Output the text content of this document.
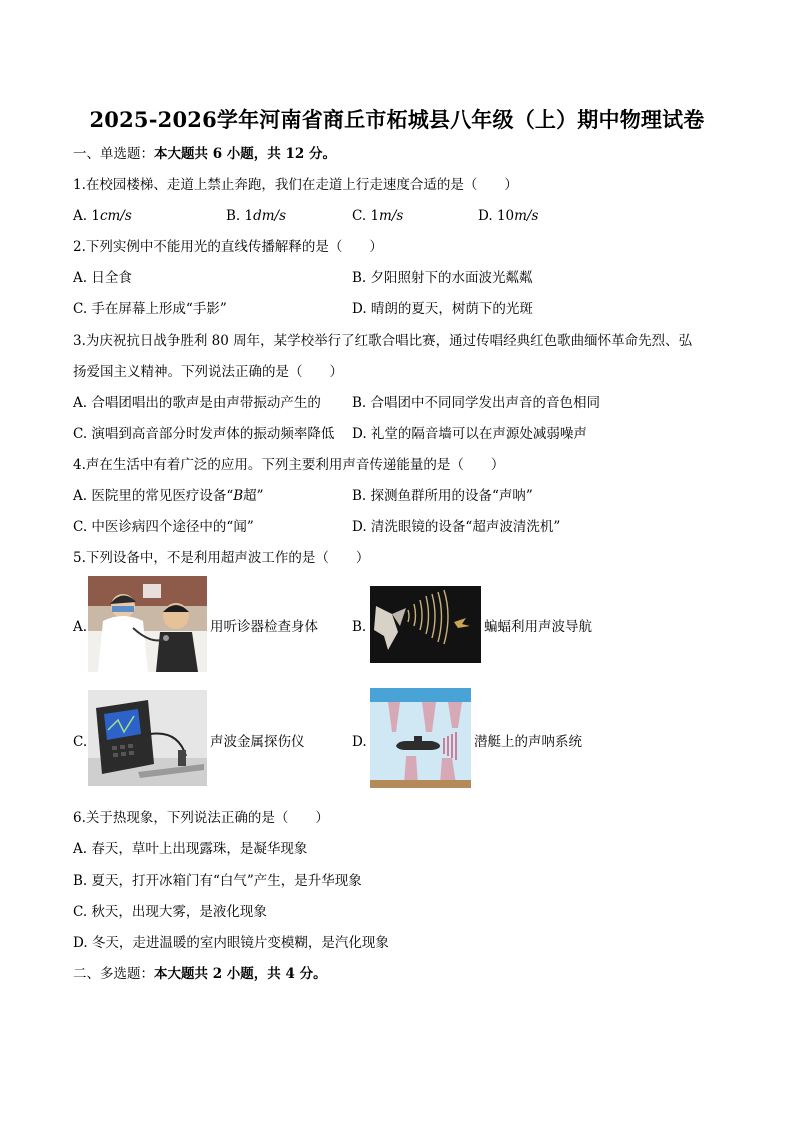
2025-2026学年河南省商丘市柘城县八年级（上）期中物理试卷
一、单选题：本大题共 6 小题，共 12 分。
1.在校园楼梯、走道上禁止奔跑，我们在走道上行走速度合适的是（　　）
A. 1cm/s	B. 1dm/s	C. 1m/s	D. 10m/s
2.下列实例中不能用光的直线传播解释的是（　　）
A. 日全食	B. 夕阳照射下的水面波光粼粼
C. 手在屏幕上形成“手影”	D. 晴朗的夏天，树荫下的光斑
3.为庆祝抗日战争胜利 80 周年，某学校举行了红歌合唱比赛，通过传唱经典红色歌曲缅怀革命先烈、弘
扬爱国主义精神。下列说法正确的是（　　）
A. 合唱团唱出的歌声是由声带振动产生的 B. 合唱团中不同同学发出声音的音色相同
C. 演唱到高音部分时发声体的振动频率降低 D. 礼堂的隔音墙可以在声源处减弱噪声
4.声在生活中有着广泛的应用。下列主要利用声音传递能量的是（　　）
A. 医院里的常见医疗设备“B超”	B. 探测鱼群所用的设备“声呐”
C. 中医诊病四个途径中的“闻”	D. 清洗眼镜的设备“超声波清洗机”
5.下列设备中，不是利用超声波工作的是（　　）
A.	用听诊器检查身体	B.	蝙蝠利用声波导航
C.	声波金属探伤仪	D.	潜艇上的声呐系统
6.关于热现象，下列说法正确的是（　　）
A. 春天，草叶上出现露珠，是凝华现象
B. 夏天，打开冰箱门有“白气”产生，是升华现象
C. 秋天，出现大雾，是液化现象
D. 冬天，走进温暖的室内眼镜片变模糊，是汽化现象
二、多选题：本大题共 2 小题，共 4 分。
